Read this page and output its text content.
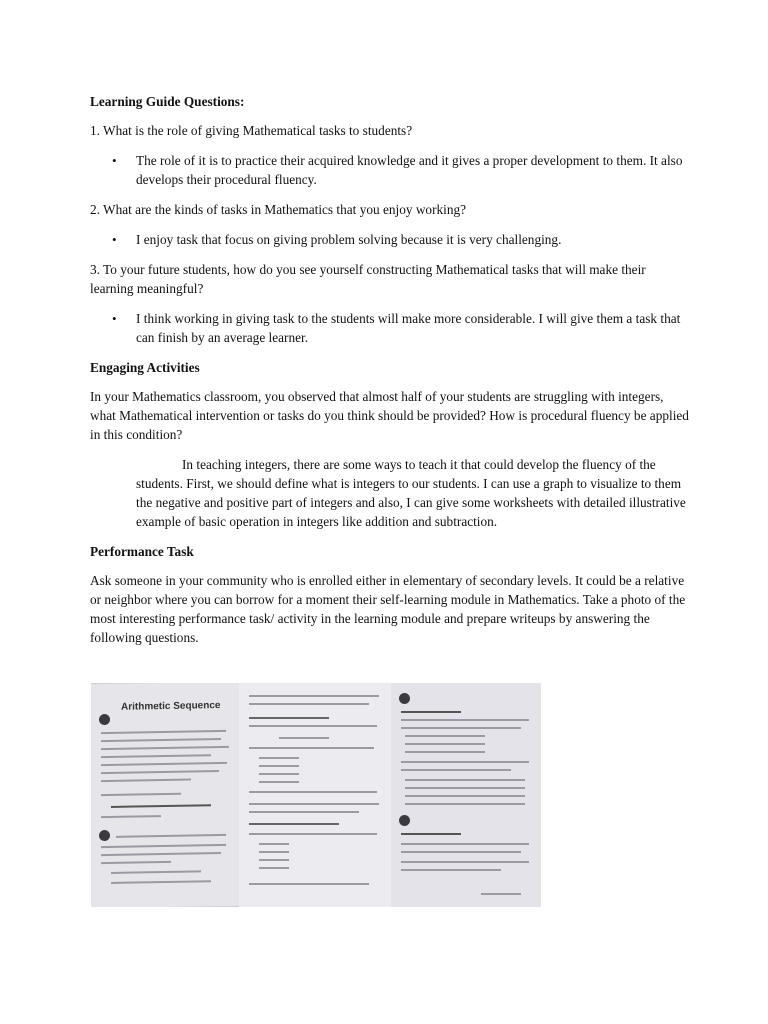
Learning Guide Questions:

1. What is the role of giving Mathematical tasks to students?

• The role of it is to practice their acquired knowledge and it gives a proper development to them. It also develops their procedural fluency.

2. What are the kinds of tasks in Mathematics that you enjoy working?

• I enjoy task that focus on giving problem solving because it is very challenging.

3. To your future students, how do you see yourself constructing Mathematical tasks that will make their learning meaningful?

• I think working in giving task to the students will make more considerable. I will give them a task that can finish by an average learner.
Engaging Activities

In your Mathematics classroom, you observed that almost half of your students are struggling with integers, what Mathematical intervention or tasks do you think should be provided? How is procedural fluency be applied in this condition?

In teaching integers, there are some ways to teach it that could develop the fluency of the students. First, we should define what is integers to our students. I can use a graph to visualize to them the negative and positive part of integers and also, I can give some worksheets with detailed illustrative example of basic operation in integers like addition and subtraction.

Performance Task

Ask someone in your community who is enrolled either in elementary of secondary levels. It could be a relative or neighbor where you can borrow for a moment their self-learning module in Mathematics. Take a photo of the most interesting performance task/ activity in the learning module and prepare writeups by answering the following questions.

Arithmetic Sequence
